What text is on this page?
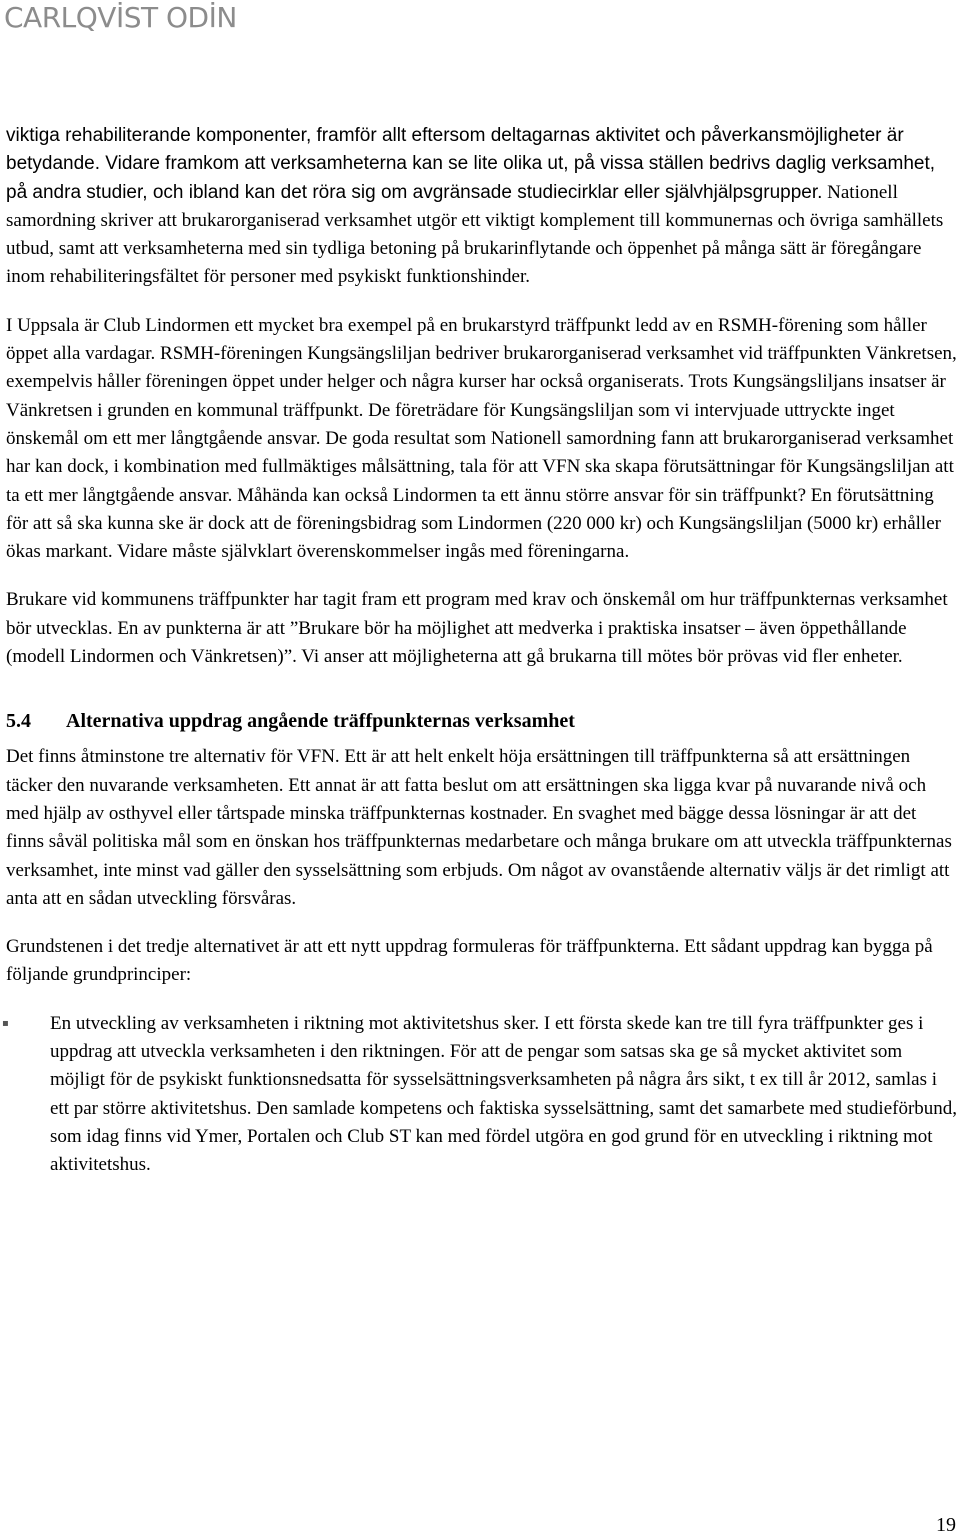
CARLQVİST ODİN

viktiga rehabiliterande komponenter, framför allt eftersom deltagarnas aktivitet och påverkansmöjligheter är betydande. Vidare framkom att verksamheterna kan se lite olika ut, på vissa ställen bedrivs daglig verksamhet, på andra studier, och ibland kan det röra sig om avgränsade studiecirklar eller självhjälpsgrupper. Nationell samordning skriver att brukarorganiserad verksamhet utgör ett viktigt komplement till kommunernas och övriga samhällets utbud, samt att verksamheterna med sin tydliga betoning på brukarinflytande och öppenhet på många sätt är föregångare inom rehabiliteringsfältet för personer med psykiskt funktionshinder.

I Uppsala är Club Lindormen ett mycket bra exempel på en brukarstyrd träffpunkt ledd av en RSMH-förening som håller öppet alla vardagar. RSMH-föreningen Kungsängsliljan bedriver brukarorganiserad verksamhet vid träffpunkten Vänkretsen, exempelvis håller föreningen öppet under helger och några kurser har också organiserats. Trots Kungsängsliljans insatser är Vänkretsen i grunden en kommunal träffpunkt. De företrädare för Kungsängsliljan som vi intervjuade uttryckte inget önskemål om ett mer långtgående ansvar. De goda resultat som Nationell samordning fann att brukarorganiserad verksamhet har kan dock, i kombination med fullmäktiges målsättning, tala för att VFN ska skapa förutsättningar för Kungsängsliljan att ta ett mer långtgående ansvar. Måhända kan också Lindormen ta ett ännu större ansvar för sin träffpunkt? En förutsättning för att så ska kunna ske är dock att de föreningsbidrag som Lindormen (220 000 kr) och Kungsängsliljan (5000 kr) erhåller ökas markant. Vidare måste självklart överenskommelser ingås med föreningarna.

Brukare vid kommunens träffpunkter har tagit fram ett program med krav och önskemål om hur träffpunkternas verksamhet bör utvecklas. En av punkterna är att ”Brukare bör ha möjlighet att medverka i praktiska insatser – även öppethållande (modell Lindormen och Vänkretsen)”. Vi anser att möjligheterna att gå brukarna till mötes bör prövas vid fler enheter.

5.4	Alternativa uppdrag angående träffpunkternas verksamhet

Det finns åtminstone tre alternativ för VFN. Ett är att helt enkelt höja ersättningen till träffpunkterna så att ersättningen täcker den nuvarande verksamheten. Ett annat är att fatta beslut om att ersättningen ska ligga kvar på nuvarande nivå och med hjälp av osthyvel eller tårtspade minska träffpunkternas kostnader. En svaghet med bägge dessa lösningar är att det finns såväl politiska mål som en önskan hos träffpunkternas medarbetare och många brukare om att utveckla träffpunkternas verksamhet, inte minst vad gäller den sysselsättning som erbjuds. Om något av ovanstående alternativ väljs är det rimligt att anta att en sådan utveckling försvåras.

Grundstenen i det tredje alternativet är att ett nytt uppdrag formuleras för träffpunkterna. Ett sådant uppdrag kan bygga på följande grundprinciper:

▪ En utveckling av verksamheten i riktning mot aktivitetshus sker. I ett första skede kan tre till fyra träffpunkter ges i uppdrag att utveckla verksamheten i den riktningen. För att de pengar som satsas ska ge så mycket aktivitet som möjligt för de psykiskt funktionsnedsatta för sysselsättningsverksamheten på några års sikt, t ex till år 2012, samlas i ett par större aktivitetshus. Den samlade kompetens och faktiska sysselsättning, samt det samarbete med studieförbund, som idag finns vid Ymer, Portalen och Club ST kan med fördel utgöra en god grund för en utveckling i riktning mot aktivitetshus.

19
